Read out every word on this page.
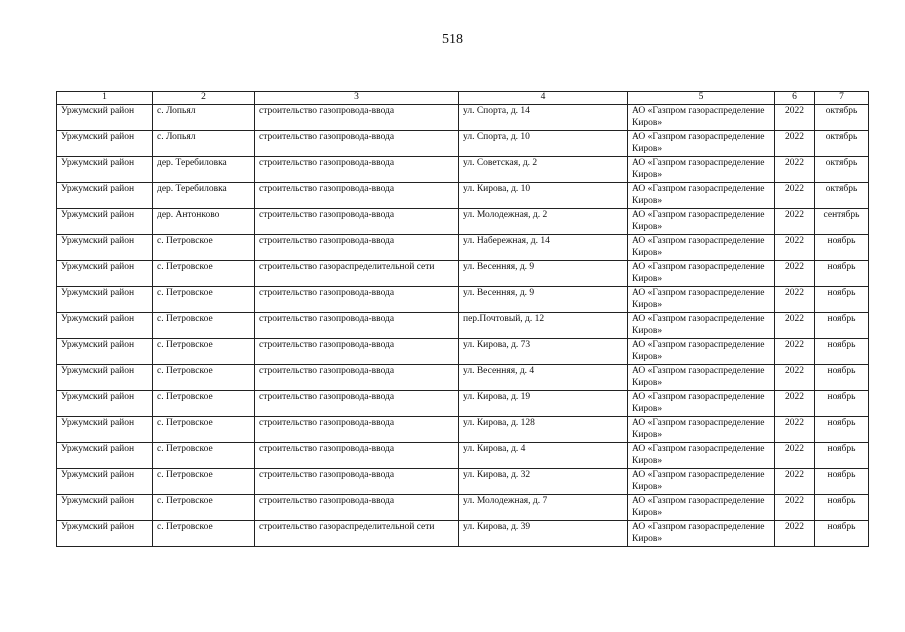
518
1	2	3	4	5	6	7
Уржумский район	с. Лопьял	строительство газопровода-ввода	ул. Спорта, д. 14	АО «Газпром газораспределение Киров»	2022	октябрь
Уржумский район	с. Лопьял	строительство газопровода-ввода	ул. Спорта, д. 10	АО «Газпром газораспределение Киров»	2022	октябрь
Уржумский район	дер. Теребиловка	строительство газопровода-ввода	ул. Советская, д. 2	АО «Газпром газораспределение Киров»	2022	октябрь
Уржумский район	дер. Теребиловка	строительство газопровода-ввода	ул. Кирова, д. 10	АО «Газпром газораспределение Киров»	2022	октябрь
Уржумский район	дер. Антонково	строительство газопровода-ввода	ул. Молодежная, д. 2	АО «Газпром газораспределение Киров»	2022	сентябрь
Уржумский район	с. Петровское	строительство газопровода-ввода	ул. Набережная, д. 14	АО «Газпром газораспределение Киров»	2022	ноябрь
Уржумский район	с. Петровское	строительство газораспределительной сети	ул. Весенняя, д. 9	АО «Газпром газораспределение Киров»	2022	ноябрь
Уржумский район	с. Петровское	строительство газопровода-ввода	ул. Весенняя, д. 9	АО «Газпром газораспределение Киров»	2022	ноябрь
Уржумский район	с. Петровское	строительство газопровода-ввода	пер.Почтовый, д. 12	АО «Газпром газораспределение Киров»	2022	ноябрь
Уржумский район	с. Петровское	строительство газопровода-ввода	ул. Кирова, д. 73	АО «Газпром газораспределение Киров»	2022	ноябрь
Уржумский район	с. Петровское	строительство газопровода-ввода	ул. Весенняя, д. 4	АО «Газпром газораспределение Киров»	2022	ноябрь
Уржумский район	с. Петровское	строительство газопровода-ввода	ул. Кирова, д. 19	АО «Газпром газораспределение Киров»	2022	ноябрь
Уржумский район	с. Петровское	строительство газопровода-ввода	ул. Кирова, д. 128	АО «Газпром газораспределение Киров»	2022	ноябрь
Уржумский район	с. Петровское	строительство газопровода-ввода	ул. Кирова, д. 4	АО «Газпром газораспределение Киров»	2022	ноябрь
Уржумский район	с. Петровское	строительство газопровода-ввода	ул. Кирова, д. 32	АО «Газпром газораспределение Киров»	2022	ноябрь
Уржумский район	с. Петровское	строительство газопровода-ввода	ул. Молодежная, д. 7	АО «Газпром газораспределение Киров»	2022	ноябрь
Уржумский район	с. Петровское	строительство газораспределительной сети	ул. Кирова, д. 39	АО «Газпром газораспределение Киров»	2022	ноябрь
